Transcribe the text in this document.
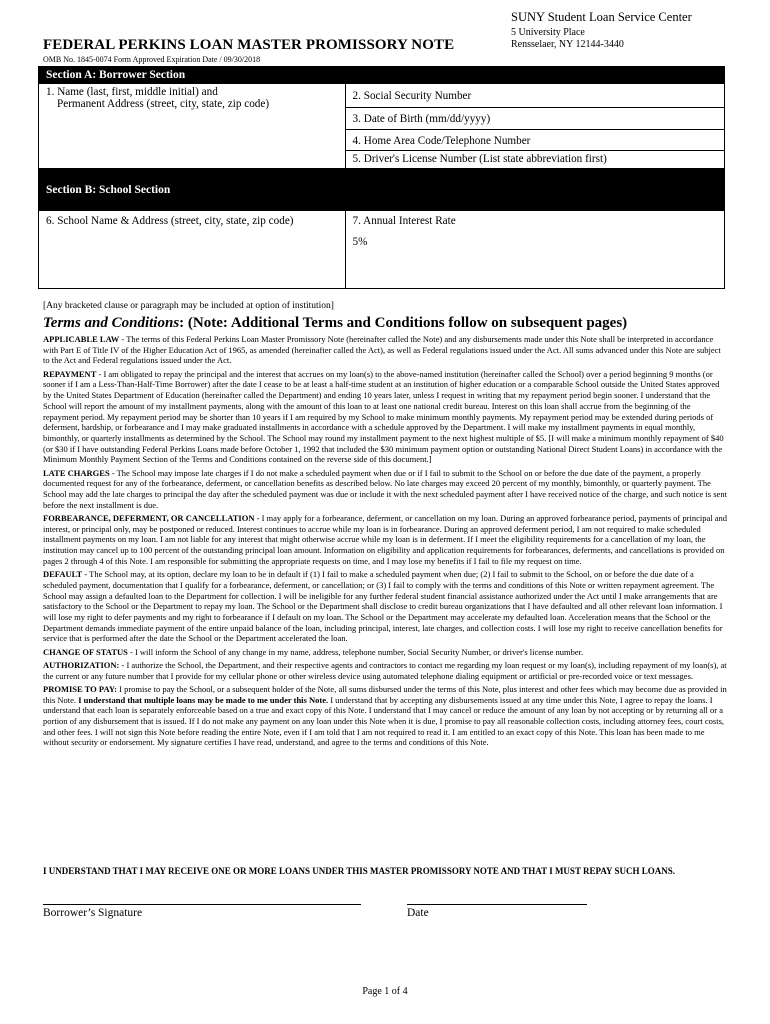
SUNY Student Loan Service Center
5 University Place
Rensselaer, NY 12144-3440
FEDERAL PERKINS LOAN MASTER PROMISSORY NOTE
OMB No. 1845-0074 Form Approved Expiration Date / 09/30/2018
Section A: Borrower Section	

1. Name (last, first, middle initial) and
Permanent Address (street, city, state, zip code)	2. Social Security Number
	3. Date of Birth (mm/dd/yyyy)
	4. Home Area Code/Telephone Number
	5. Driver's License Number (List state abbreviation first)
Section B: School Section	
6. School Name & Address (street, city, state, zip code)	7. Annual Interest Rate
5%
[Any bracketed clause or paragraph may be included at option of institution]
Terms and Conditions: (Note: Additional Terms and Conditions follow on subsequent pages)

APPLICABLE LAW - The terms of this Federal Perkins Loan Master Promissory Note (hereinafter called the Note) and any disbursements made under this Note shall be interpreted in accordance with Part E of Title IV of the Higher Education Act of 1965, as amended (hereinafter called the Act), as well as Federal regulations issued under the Act. All sums advanced under this Note are subject to the Act and Federal regulations issued under the Act.

REPAYMENT - I am obligated to repay the principal and the interest that accrues on my loan(s) to the above-named institution (hereinafter called the School) over a period beginning 9 months (or sooner if I am a Less-Than-Half-Time Borrower) after the date I cease to be at least a half-time student at an institution of higher education or a comparable School outside the United States approved by the United States Department of Education (hereinafter called the Department) and ending 10 years later, unless I request in writing that my repayment period begin sooner. I understand that the School will report the amount of my installment payments, along with the amount of this loan to at least one national credit bureau. Interest on this loan shall accrue from the beginning of the repayment period. My repayment period may be shorter than 10 years if I am required by my School to make minimum monthly payments. My repayment period may be extended during periods of deferment, hardship, or forbearance and I may make graduated installments in accordance with a schedule approved by the Department. I will make my installment payments in equal monthly, bimonthly, or quarterly installments as determined by the School. The School may round my installment payment to the next highest multiple of $5. [I will make a minimum monthly repayment of $40 (or $30 if I have outstanding Federal Perkins Loans made before October 1, 1992 that included the $30 minimum payment option or outstanding National Direct Student Loans) in accordance with the Minimum Monthly Payment Section of the Terms and Conditions contained on the reverse side of this document.]

LATE CHARGES - The School may impose late charges if I do not make a scheduled payment when due or if I fail to submit to the School on or before the due date of the payment, a properly documented request for any of the forbearance, deferment, or cancellation benefits as described below. No late charges may exceed 20 percent of my monthly, bimonthly, or quarterly payment. The School may add the late charges to principal the day after the scheduled payment was due or include it with the next scheduled payment after I have received notice of the charge, and such notice is sent before the next installment is due.

FORBEARANCE, DEFERMENT, OR CANCELLATION - I may apply for a forbearance, deferment, or cancellation on my loan. During an approved forbearance period, payments of principal and interest, or principal only, may be postponed or reduced. Interest continues to accrue while my loan is in forbearance. During an approved deferment period, I am not required to make scheduled installment payments on my loan. I am not liable for any interest that might otherwise accrue while my loan is in deferment. If I meet the eligibility requirements for a cancellation of my loan, the institution may cancel up to 100 percent of the outstanding principal loan amount. Information on eligibility and application requirements for forbearances, deferments, and cancellations is provided on pages 2 through 4 of this Note. I am responsible for submitting the appropriate requests on time, and I may lose my benefits if I fail to file my request on time.

DEFAULT - The School may, at its option, declare my loan to be in default if (1) I fail to make a scheduled payment when due; (2) I fail to submit to the School, on or before the due date of a scheduled payment, documentation that I qualify for a forbearance, deferment, or cancellation; or (3) I fail to comply with the terms and conditions of this Note or written repayment agreement. The School may assign a defaulted loan to the Department for collection. I will be ineligible for any further federal student financial assistance authorized under the Act until I make arrangements that are satisfactory to the School or the Department to repay my loan. The School or the Department shall disclose to credit bureau organizations that I have defaulted and all other relevant loan information. I will lose my right to defer payments and my right to forbearance if I default on my loan. The School or the Department may accelerate my defaulted loan. Acceleration means that the School or the Department demands immediate payment of the entire unpaid balance of the loan, including principal, interest, late charges, and collection costs. I will lose my right to receive cancellation benefits for service that is performed after the date the School or the Department accelerated the loan.

CHANGE OF STATUS - I will inform the School of any change in my name, address, telephone number, Social Security Number, or driver's license number.

AUTHORIZATION: - I authorize the School, the Department, and their respective agents and contractors to contact me regarding my loan request or my loan(s), including repayment of my loan(s), at the current or any future number that I provide for my cellular phone or other wireless device using automated telephone dialing equipment or artificial or pre-recorded voice or text messages.

PROMISE TO PAY: I promise to pay the School, or a subsequent holder of the Note, all sums disbursed under the terms of this Note, plus interest and other fees which may become due as provided in this Note. I understand that multiple loans may be made to me under this Note. I understand that by accepting any disbursements issued at any time under this Note, I agree to repay the loans. I understand that each loan is separately enforceable based on a true and exact copy of this Note. I understand that I may cancel or reduce the amount of any loan by not accepting or by returning all or a portion of any disbursement that is issued. If I do not make any payment on any loan under this Note when it is due, I promise to pay all reasonable collection costs, including attorney fees, court costs, and other fees. I will not sign this Note before reading the entire Note, even if I am told that I am not required to read it. I am entitled to an exact copy of this Note. This loan has been made to me without security or endorsement. My signature certifies I have read, understand, and agree to the terms and conditions of this Note.

I UNDERSTAND THAT I MAY RECEIVE ONE OR MORE LOANS UNDER THIS MASTER PROMISSORY NOTE AND THAT I MUST REPAY SUCH LOANS.
Borrower’s Signature	Date
Page 1 of 4
